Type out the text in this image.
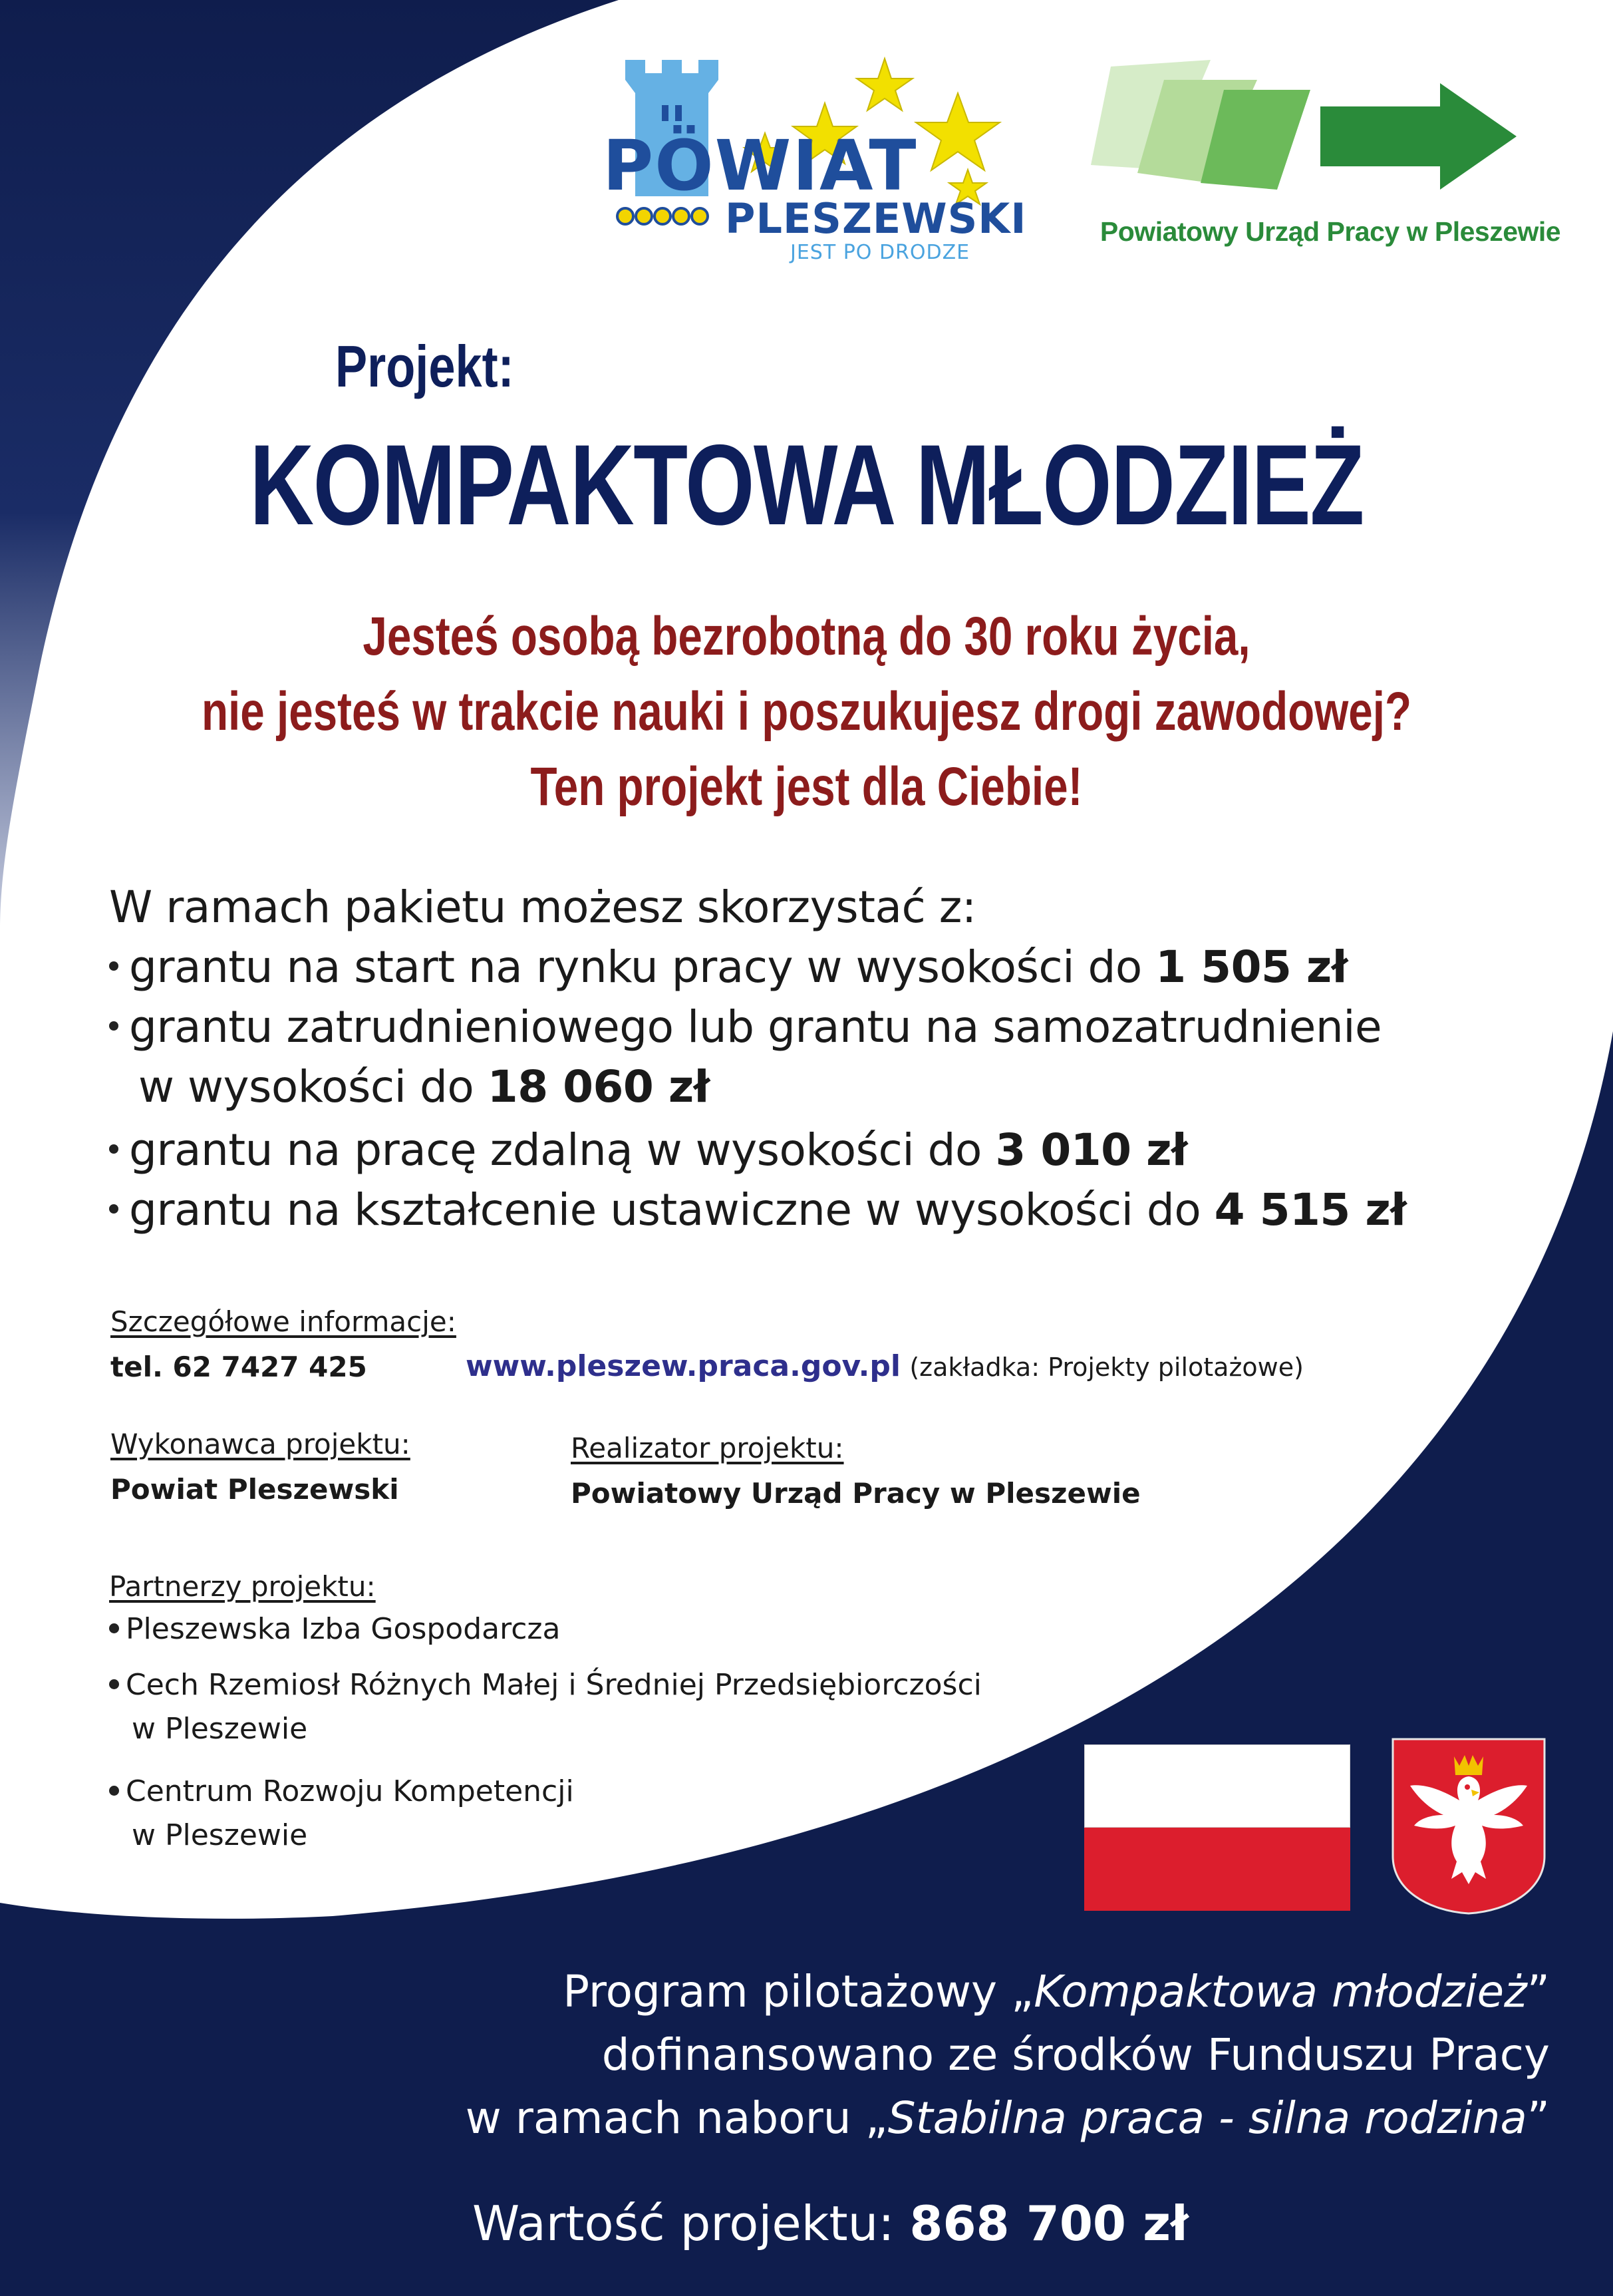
PÖWIAT
PLESZEWSKI
JEST PO DRODZE
Powiatowy Urząd Pracy w Pleszewie
Projekt:
KOMPAKTOWA MŁODZIEŻ
Jesteś osobą bezrobotną do 30 roku życia,
nie jesteś w trakcie nauki i poszukujesz drogi zawodowej?
Ten projekt jest dla Ciebie!
W ramach pakietu możesz skorzystać z:
grantu na start na rynku pracy w wysokości do 1 505 zł
grantu zatrudnieniowego lub grantu na samozatrudnienie
w wysokości do 18 060 zł
grantu na pracę zdalną w wysokości do 3 010 zł
grantu na kształcenie ustawiczne w wysokości do 4 515 zł
Szczegółowe informacje:
tel. 62 7427 425	www.pleszew.praca.gov.pl (zakładka: Projekty pilotażowe)
Wykonawca projektu:
Powiat Pleszewski
Realizator projektu:
Powiatowy Urząd Pracy w Pleszewie
Partnerzy projektu:
Pleszewska Izba Gospodarcza
Cech Rzemiosł Różnych Małej i Średniej Przedsiębiorczości
w Pleszewie
Centrum Rozwoju Kompetencji
w Pleszewie
Program pilotażowy „Kompaktowa młodzież”
dofinansowano ze środków Funduszu Pracy
w ramach naboru „Stabilna praca - silna rodzina”
Wartość projektu: 868 700 zł
